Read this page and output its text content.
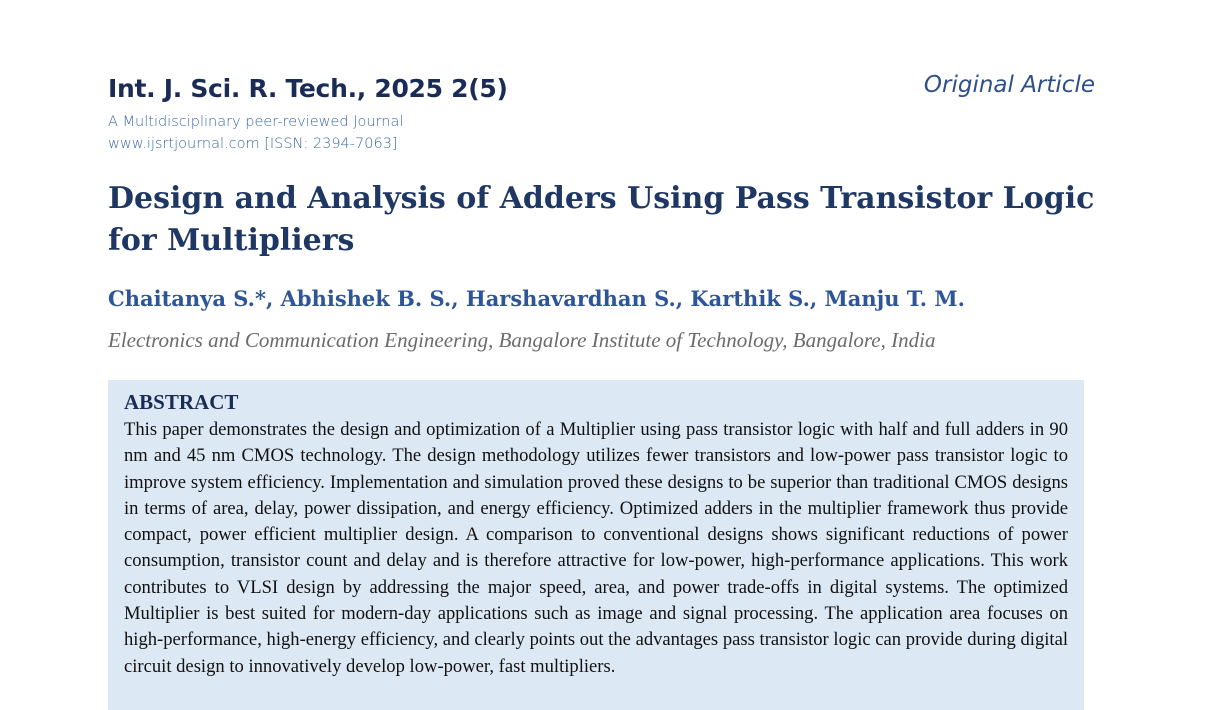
Int. J. Sci. R. Tech., 2025 2(5)	Original Article
A Multidisciplinary peer-reviewed Journal
www.ijsrtjournal.com [ISSN: 2394-7063]
Design and Analysis of Adders Using Pass Transistor Logic for Multipliers
Chaitanya S.*, Abhishek B. S., Harshavardhan S., Karthik S., Manju T. M.
Electronics and Communication Engineering, Bangalore Institute of Technology, Bangalore, India
ABSTRACT

This paper demonstrates the design and optimization of a Multiplier using pass transistor logic with half and full adders in 90 nm and 45 nm CMOS technology. The design methodology utilizes fewer transistors and low-power pass transistor logic to improve system efficiency. Implementation and simulation proved these designs to be superior than traditional CMOS designs in terms of area, delay, power dissipation, and energy efficiency. Optimized adders in the multiplier framework thus provide compact, power efficient multiplier design. A comparison to conventional designs shows significant reductions of power consumption, transistor count and delay and is therefore attractive for low-power, high-performance applications. This work contributes to VLSI design by addressing the major speed, area, and power trade-offs in digital systems. The optimized Multiplier is best suited for modern-day applications such as image and signal processing. The application area focuses on high-performance, high-energy efficiency, and clearly points out the advantages pass transistor logic can provide during digital circuit design to innovatively develop low-power, fast multipliers.
